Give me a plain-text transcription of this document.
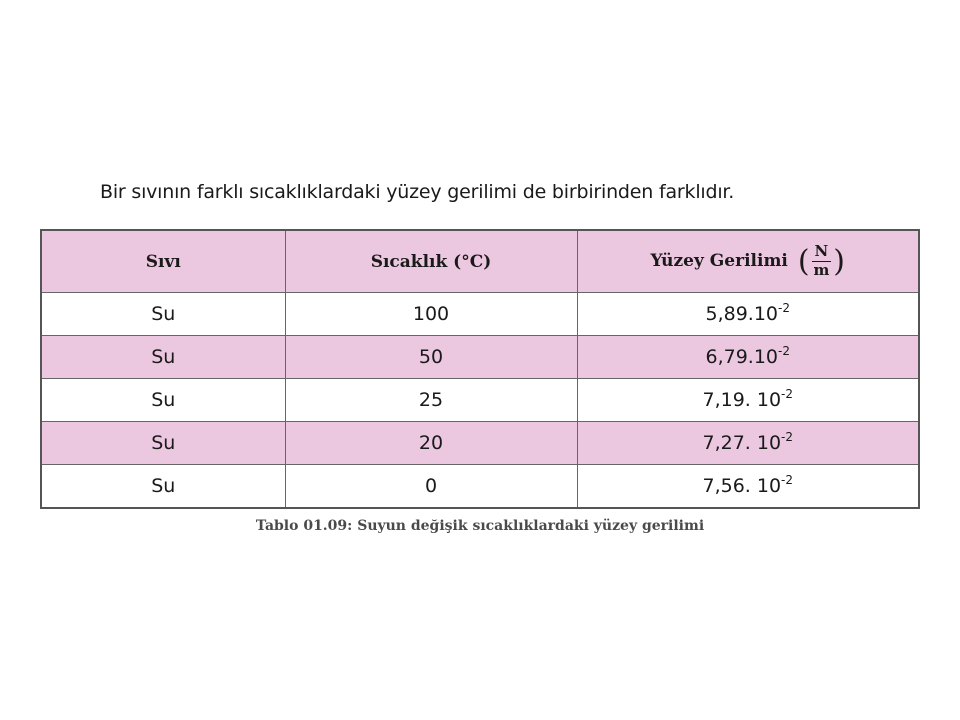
Bir sıvının farklı sıcaklıklardaki yüzey gerilimi de birbirinden farklıdır.
Sıvı	Sıcaklık (°C)	Yüzey Gerilimi ( $\frac{N}{m}$ )

Su	100	$5,89.10^{-2}$
Su	50	$6,79.10^{-2}$
Su	25	7,19. $10^{-2}$
Su	20	7,27. $10^{-2}$
Su	0	7,56. $10^{-2}$
Tablo 01.09: Suyun değişik sıcaklıklardaki yüzey gerilimi
